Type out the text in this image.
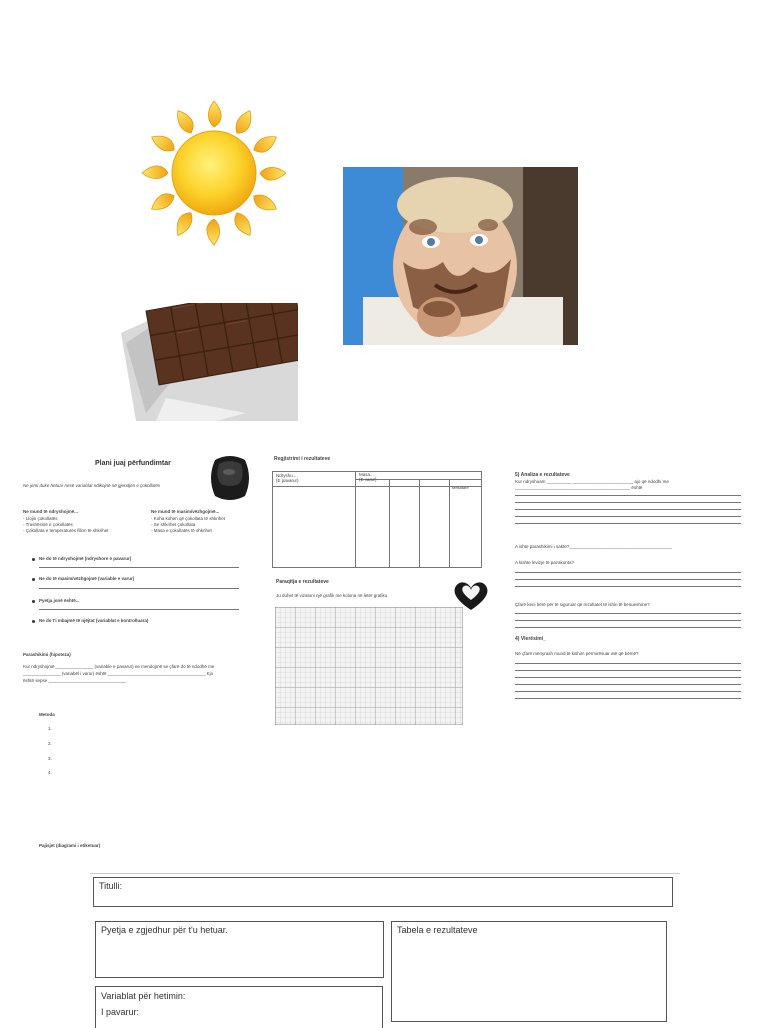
Plani juaj përfundimtar
Ne jemi duke hetuar nesë variablat ndikojnë në gjendjen e çokollatës
Ne mund të ndryshojmë...
- Llojin çokollatës
- Trashësinë e çokollatës
- Çokollata e temperaturës fillon të shkrihet
Ne mund të masim/vëzhgojmë...
- Koha kohen që çokollata të shkrihet
- Se shkrihet çokollata
- Masa e çokollatës të shkrihet
Ne do të ndryshojmë (ndryshore e pavarur)
Ne do të masim/vëzhgojmë (variable e varur)
Pyetja jonë është...
Ne do t'i mbajmë të njëjtat (variablat e kontrolluara)
Parashikimi (hipoteza)
Kur ndryshojmë _______________ (variable e pavarur) ne mendojmë se çfarë do të ndodhë me
_______________ (variabël i varur) është _______________________________________ Kjo
është sepse _______________________________
Metoda
1.
2.
3.
4.
Pajisjet (diagrami i etiketuar)
Regjistrimi i rezultateve
Ndryshu...
(E pavarur)
Masa...
(E varur)
Mesatare
Paraqitja e rezultateve
Ju duhet të vizatoni një grafik me kolona në letër grafiku
5) Analiza e rezultateve
Kur ndryshuam __________ ________________________ ajo që ndodhi me
______________________________________________ është
A ishte parashikimi i saktë?_________________________________________
A kishte levizje të pazakonta?
Çfarë keni bërë për të siguruar që rezultatet të ishin të besueshme?
4) Vlerësimi_
Në çfarë mënyrash mund të kishim përmirësuar atë që bëmë?
Titulli:
Pyetja e zgjedhur për t'u hetuar.	Tabela e rezultateve
Variablat për hetimin:
I pavarur:
